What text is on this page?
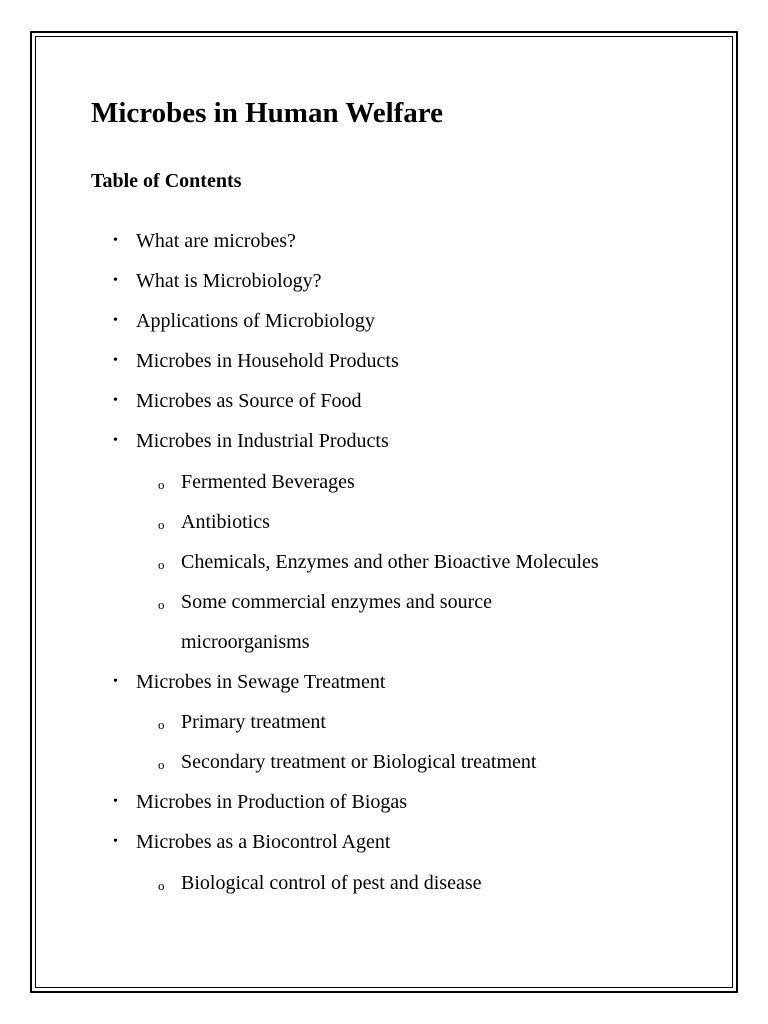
Microbes in Human Welfare
Table of Contents
• What are microbes?
• What is Microbiology?
• Applications of Microbiology
• Microbes in Household Products
• Microbes as Source of Food
• Microbes in Industrial Products
o Fermented Beverages
o Antibiotics
o Chemicals, Enzymes and other Bioactive Molecules
o Some commercial enzymes and source
microorganisms
• Microbes in Sewage Treatment
o Primary treatment
o Secondary treatment or Biological treatment
• Microbes in Production of Biogas
• Microbes as a Biocontrol Agent
o Biological control of pest and disease
